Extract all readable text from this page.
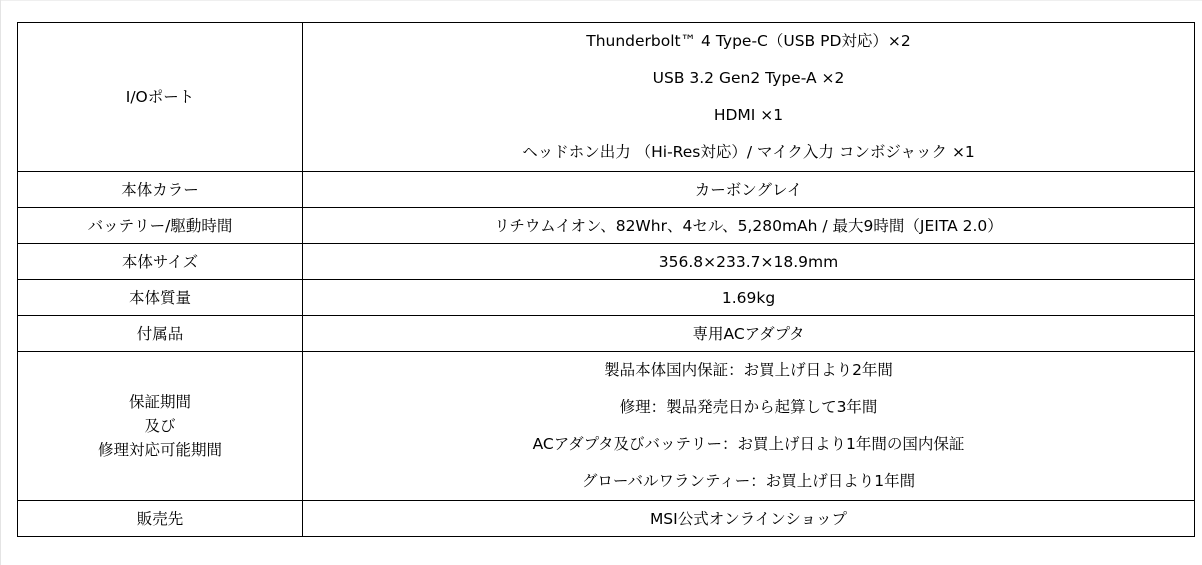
I/Oポート	Thunderbolt™ 4 Type-C（USB PD対応）×2
USB 3.2 Gen2 Type-A ×2
HDMI ×1
ヘッドホン出力 （Hi-Res対応）/ マイク入力 コンボジャック ×1

本体カラー	カーボングレイ
バッテリー/駆動時間	リチウムイオン、82Whr、4セル、5,280mAh / 最大9時間（JEITA 2.0）
本体サイズ	356.8×233.7×18.9mm
本体質量	1.69kg
付属品	専用ACアダプタ

保証期間
及び
修理対応可能期間	製品本体国内保証：お買上げ日より2年間
修理：製品発売日から起算して3年間
ACアダプタ及びバッテリー：お買上げ日より1年間の国内保証
グローバルワランティー：お買上げ日より1年間

販売先	MSI公式オンラインショップ
